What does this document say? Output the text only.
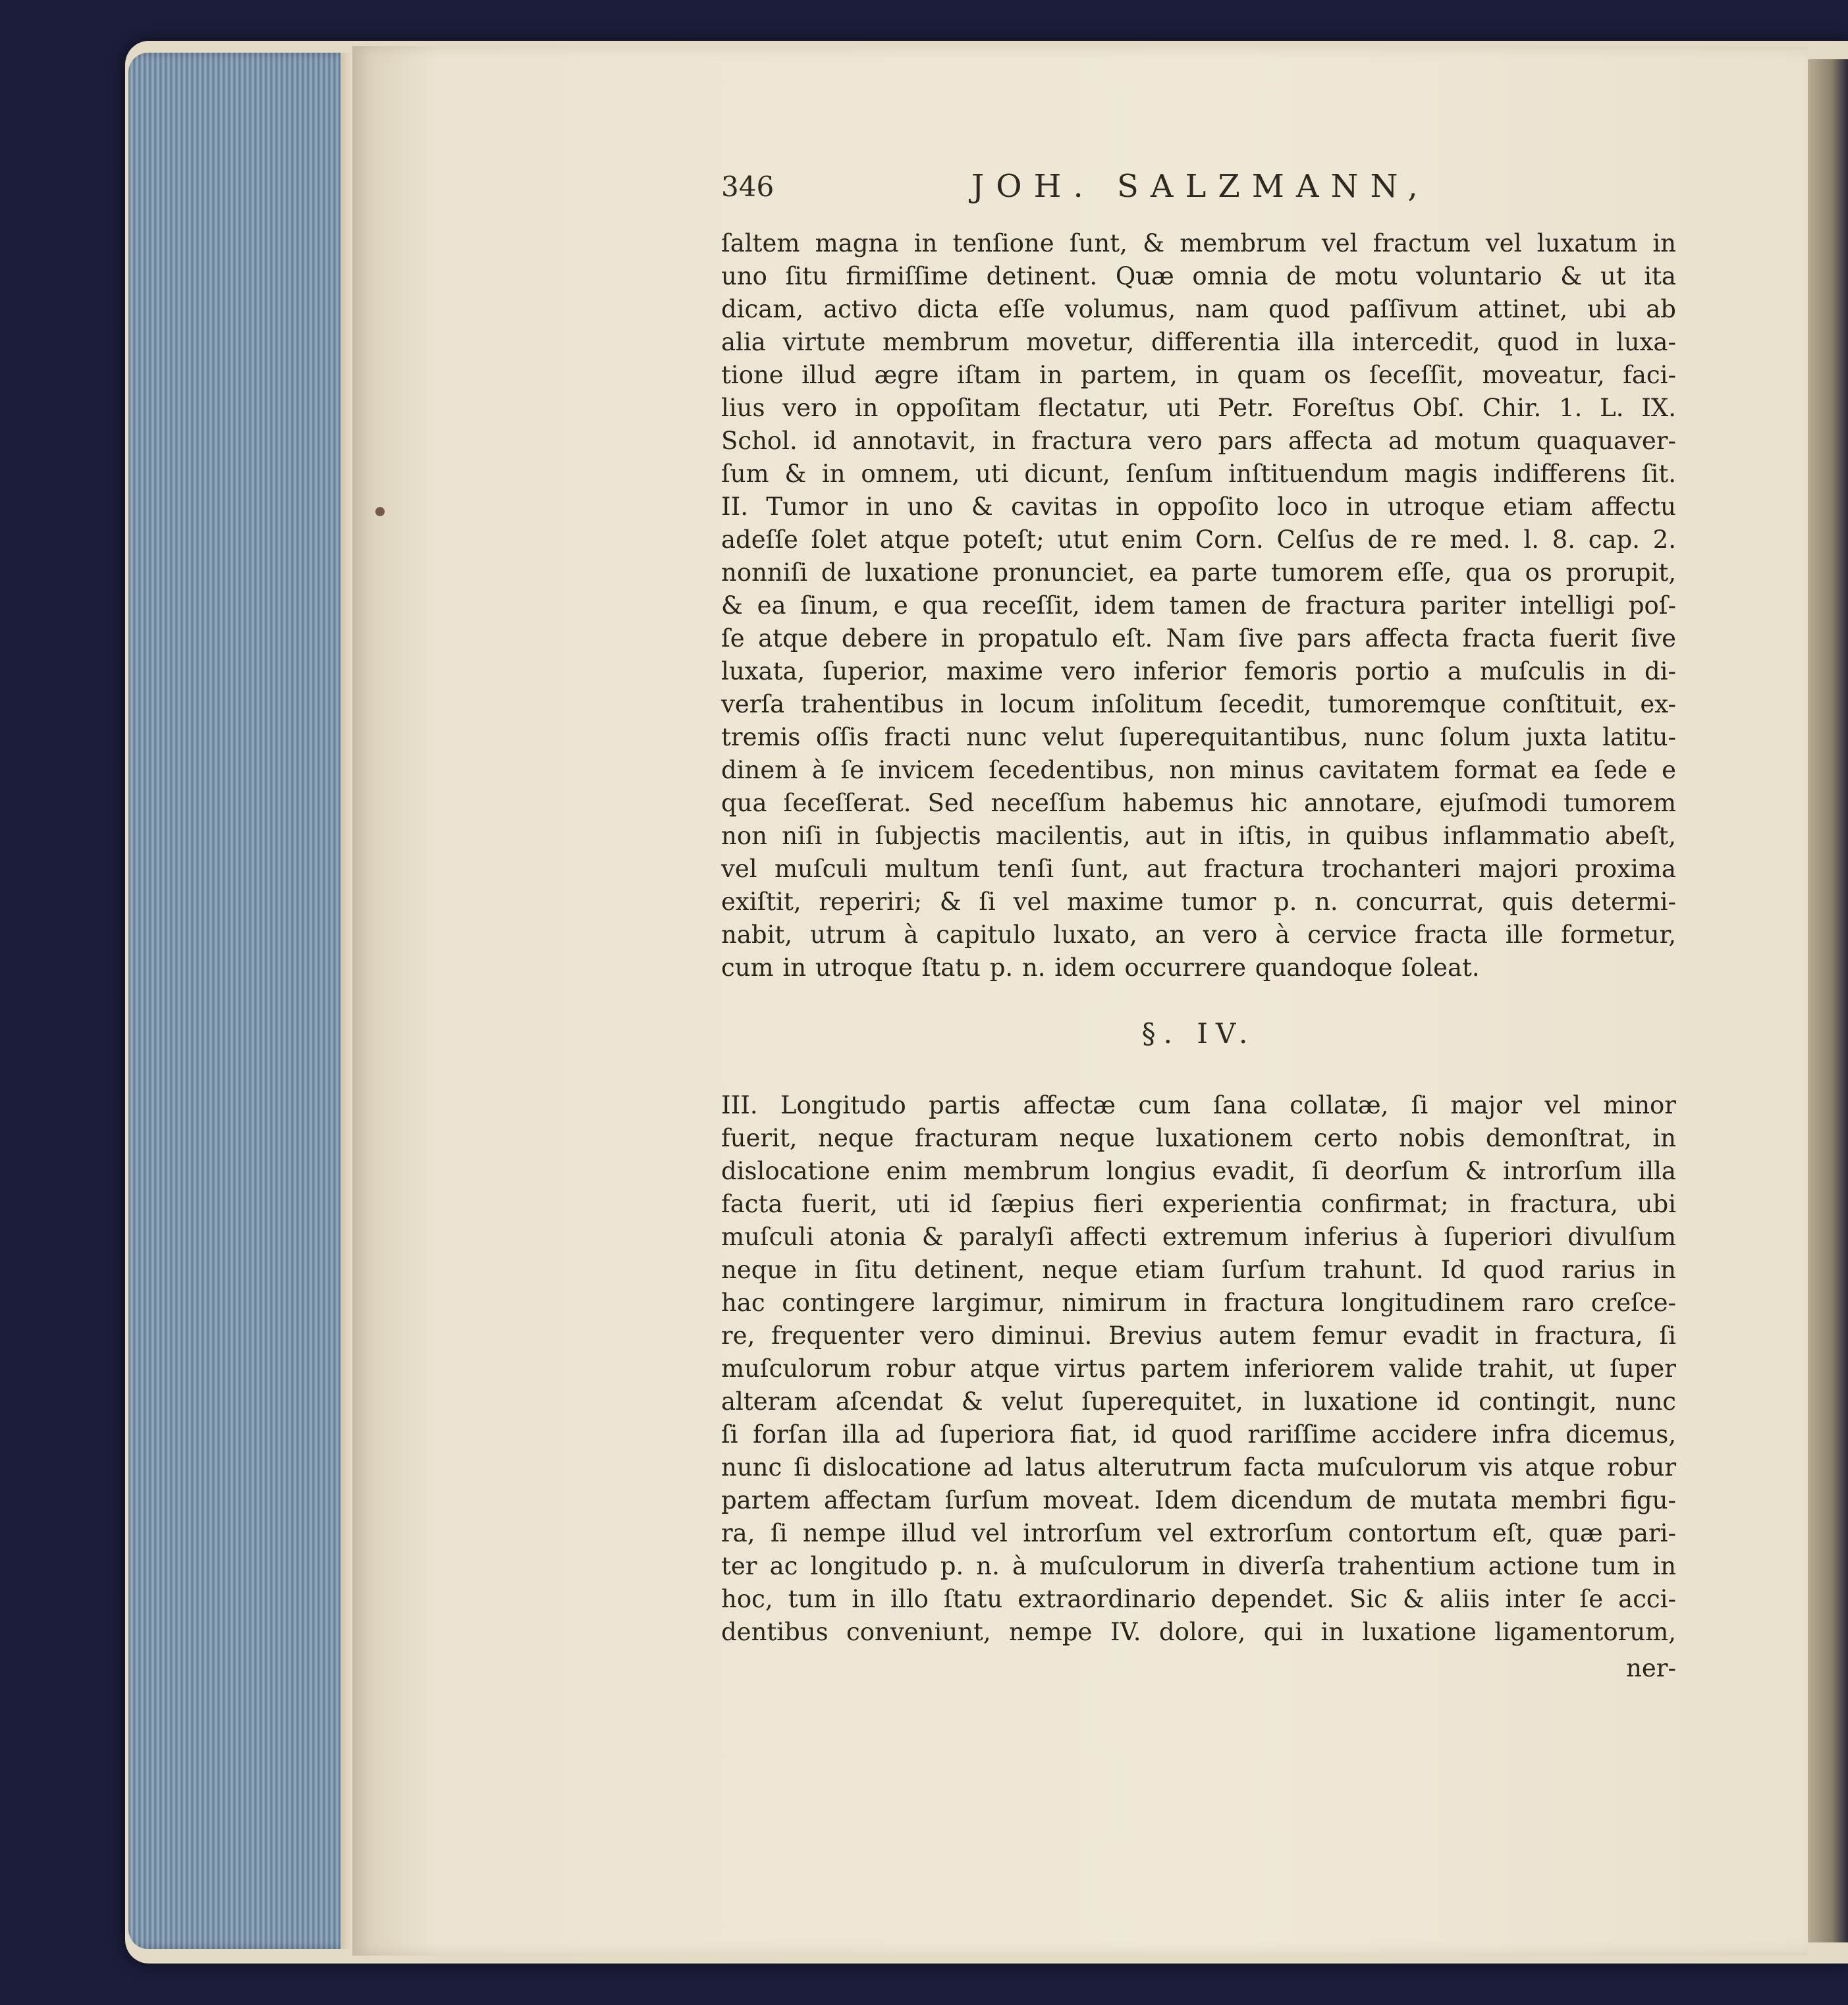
346	JOH. SALZMANN,

ſaltem magna in tenſione ſunt, & membrum vel fractum vel luxatum in
uno ſitu firmiſſime detinent. Quæ omnia de motu voluntario & ut ita
dicam, activo dicta eſſe volumus, nam quod paſſivum attinet, ubi ab
alia virtute membrum movetur, differentia illa intercedit, quod in luxa-
tione illud ægre iſtam in partem, in quam os ſeceſſit, moveatur, faci-
lius vero in oppoſitam flectatur, uti Petr. Foreſtus Obſ. Chir. 1. L. IX.
Schol. id annotavit, in fractura vero pars affecta ad motum quaquaver-
ſum & in omnem, uti dicunt, ſenſum inſtituendum magis indifferens ſit.
II. Tumor in uno & cavitas in oppoſito loco in utroque etiam affectu
adeſſe ſolet atque poteſt; utut enim Corn. Celſus de re med. l. 8. cap. 2.
nonniſi de luxatione pronunciet, ea parte tumorem eſſe, qua os prorupit,
& ea ſinum, e qua receſſit, idem tamen de fractura pariter intelligi poſ-
ſe atque debere in propatulo eſt. Nam ſive pars affecta fracta fuerit ſive
luxata, ſuperior, maxime vero inferior femoris portio a muſculis in di-
verſa trahentibus in locum inſolitum ſecedit, tumoremque conſtituit, ex-
tremis oſſis fracti nunc velut ſuperequitantibus, nunc ſolum juxta latitu-
dinem à ſe invicem ſecedentibus, non minus cavitatem format ea ſede e
qua ſeceſſerat. Sed neceſſum habemus hic annotare, ejuſmodi tumorem
non niſi in ſubjectis macilentis, aut in iſtis, in quibus inflammatio abeſt,
vel muſculi multum tenſi ſunt, aut fractura trochanteri majori proxima
exiſtit, reperiri; & ſi vel maxime tumor p. n. concurrat, quis determi-
nabit, utrum à capitulo luxato, an vero à cervice fracta ille formetur,
cum in utroque ſtatu p. n. idem occurrere quandoque ſoleat.

§. IV.

III. Longitudo partis affectæ cum ſana collatæ, ſi major vel minor
fuerit, neque fracturam neque luxationem certo nobis demonſtrat, in
dislocatione enim membrum longius evadit, ſi deorſum & introrſum illa
facta fuerit, uti id ſæpius fieri experientia confirmat; in fractura, ubi
muſculi atonia & paralyſi affecti extremum inferius à ſuperiori divulſum
neque in ſitu detinent, neque etiam ſurſum trahunt. Id quod rarius in
hac contingere largimur, nimirum in fractura longitudinem raro creſce-
re, frequenter vero diminui. Brevius autem femur evadit in fractura, ſi
muſculorum robur atque virtus partem inferiorem valide trahit, ut ſuper
alteram aſcendat & velut ſuperequitet, in luxatione id contingit, nunc
ſi forſan illa ad ſuperiora fiat, id quod rariſſime accidere infra dicemus,
nunc ſi dislocatione ad latus alterutrum facta muſculorum vis atque robur
partem affectam ſurſum moveat. Idem dicendum de mutata membri figu-
ra, ſi nempe illud vel introrſum vel extrorſum contortum eſt, quæ pari-
ter ac longitudo p. n. à muſculorum in diverſa trahentium actione tum in
hoc, tum in illo ſtatu extraordinario dependet. Sic & aliis inter ſe acci-
dentibus conveniunt, nempe IV. dolore, qui in luxatione ligamentorum,

ner-
